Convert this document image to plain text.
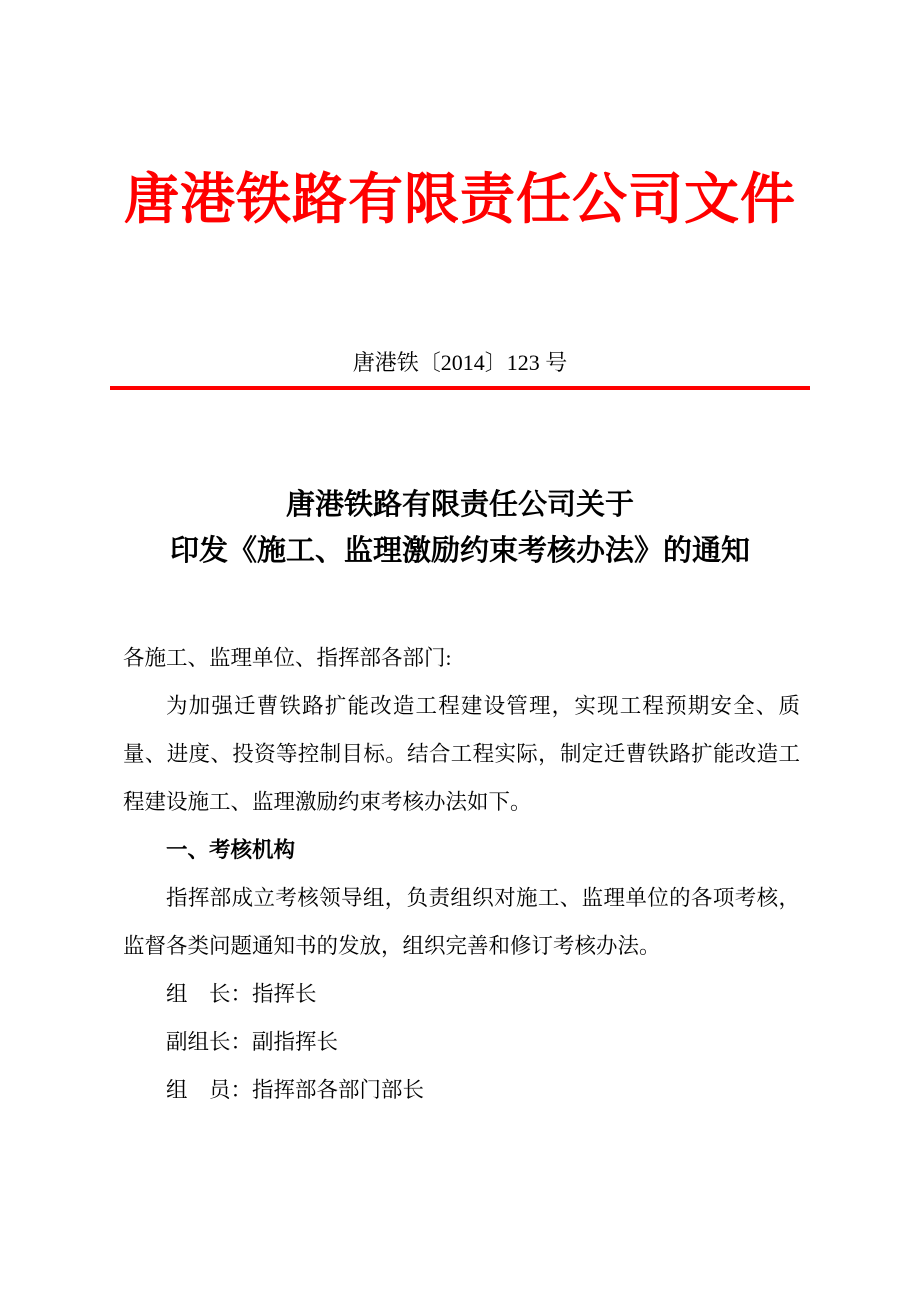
唐港铁路有限责任公司文件
唐港铁〔2014〕123 号
唐港铁路有限责任公司关于
印发《施工、监理激励约束考核办法》的通知
各施工、监理单位、指挥部各部门:

为加强迁曹铁路扩能改造工程建设管理，实现工程预期安全、质量、进度、投资等控制目标。结合工程实际，制定迁曹铁路扩能改造工程建设施工、监理激励约束考核办法如下。

一、考核机构

指挥部成立考核领导组，负责组织对施工、监理单位的各项考核，监督各类问题通知书的发放，组织完善和修订考核办法。

组　长：指挥长

副组长：副指挥长

组　员：指挥部各部门部长
